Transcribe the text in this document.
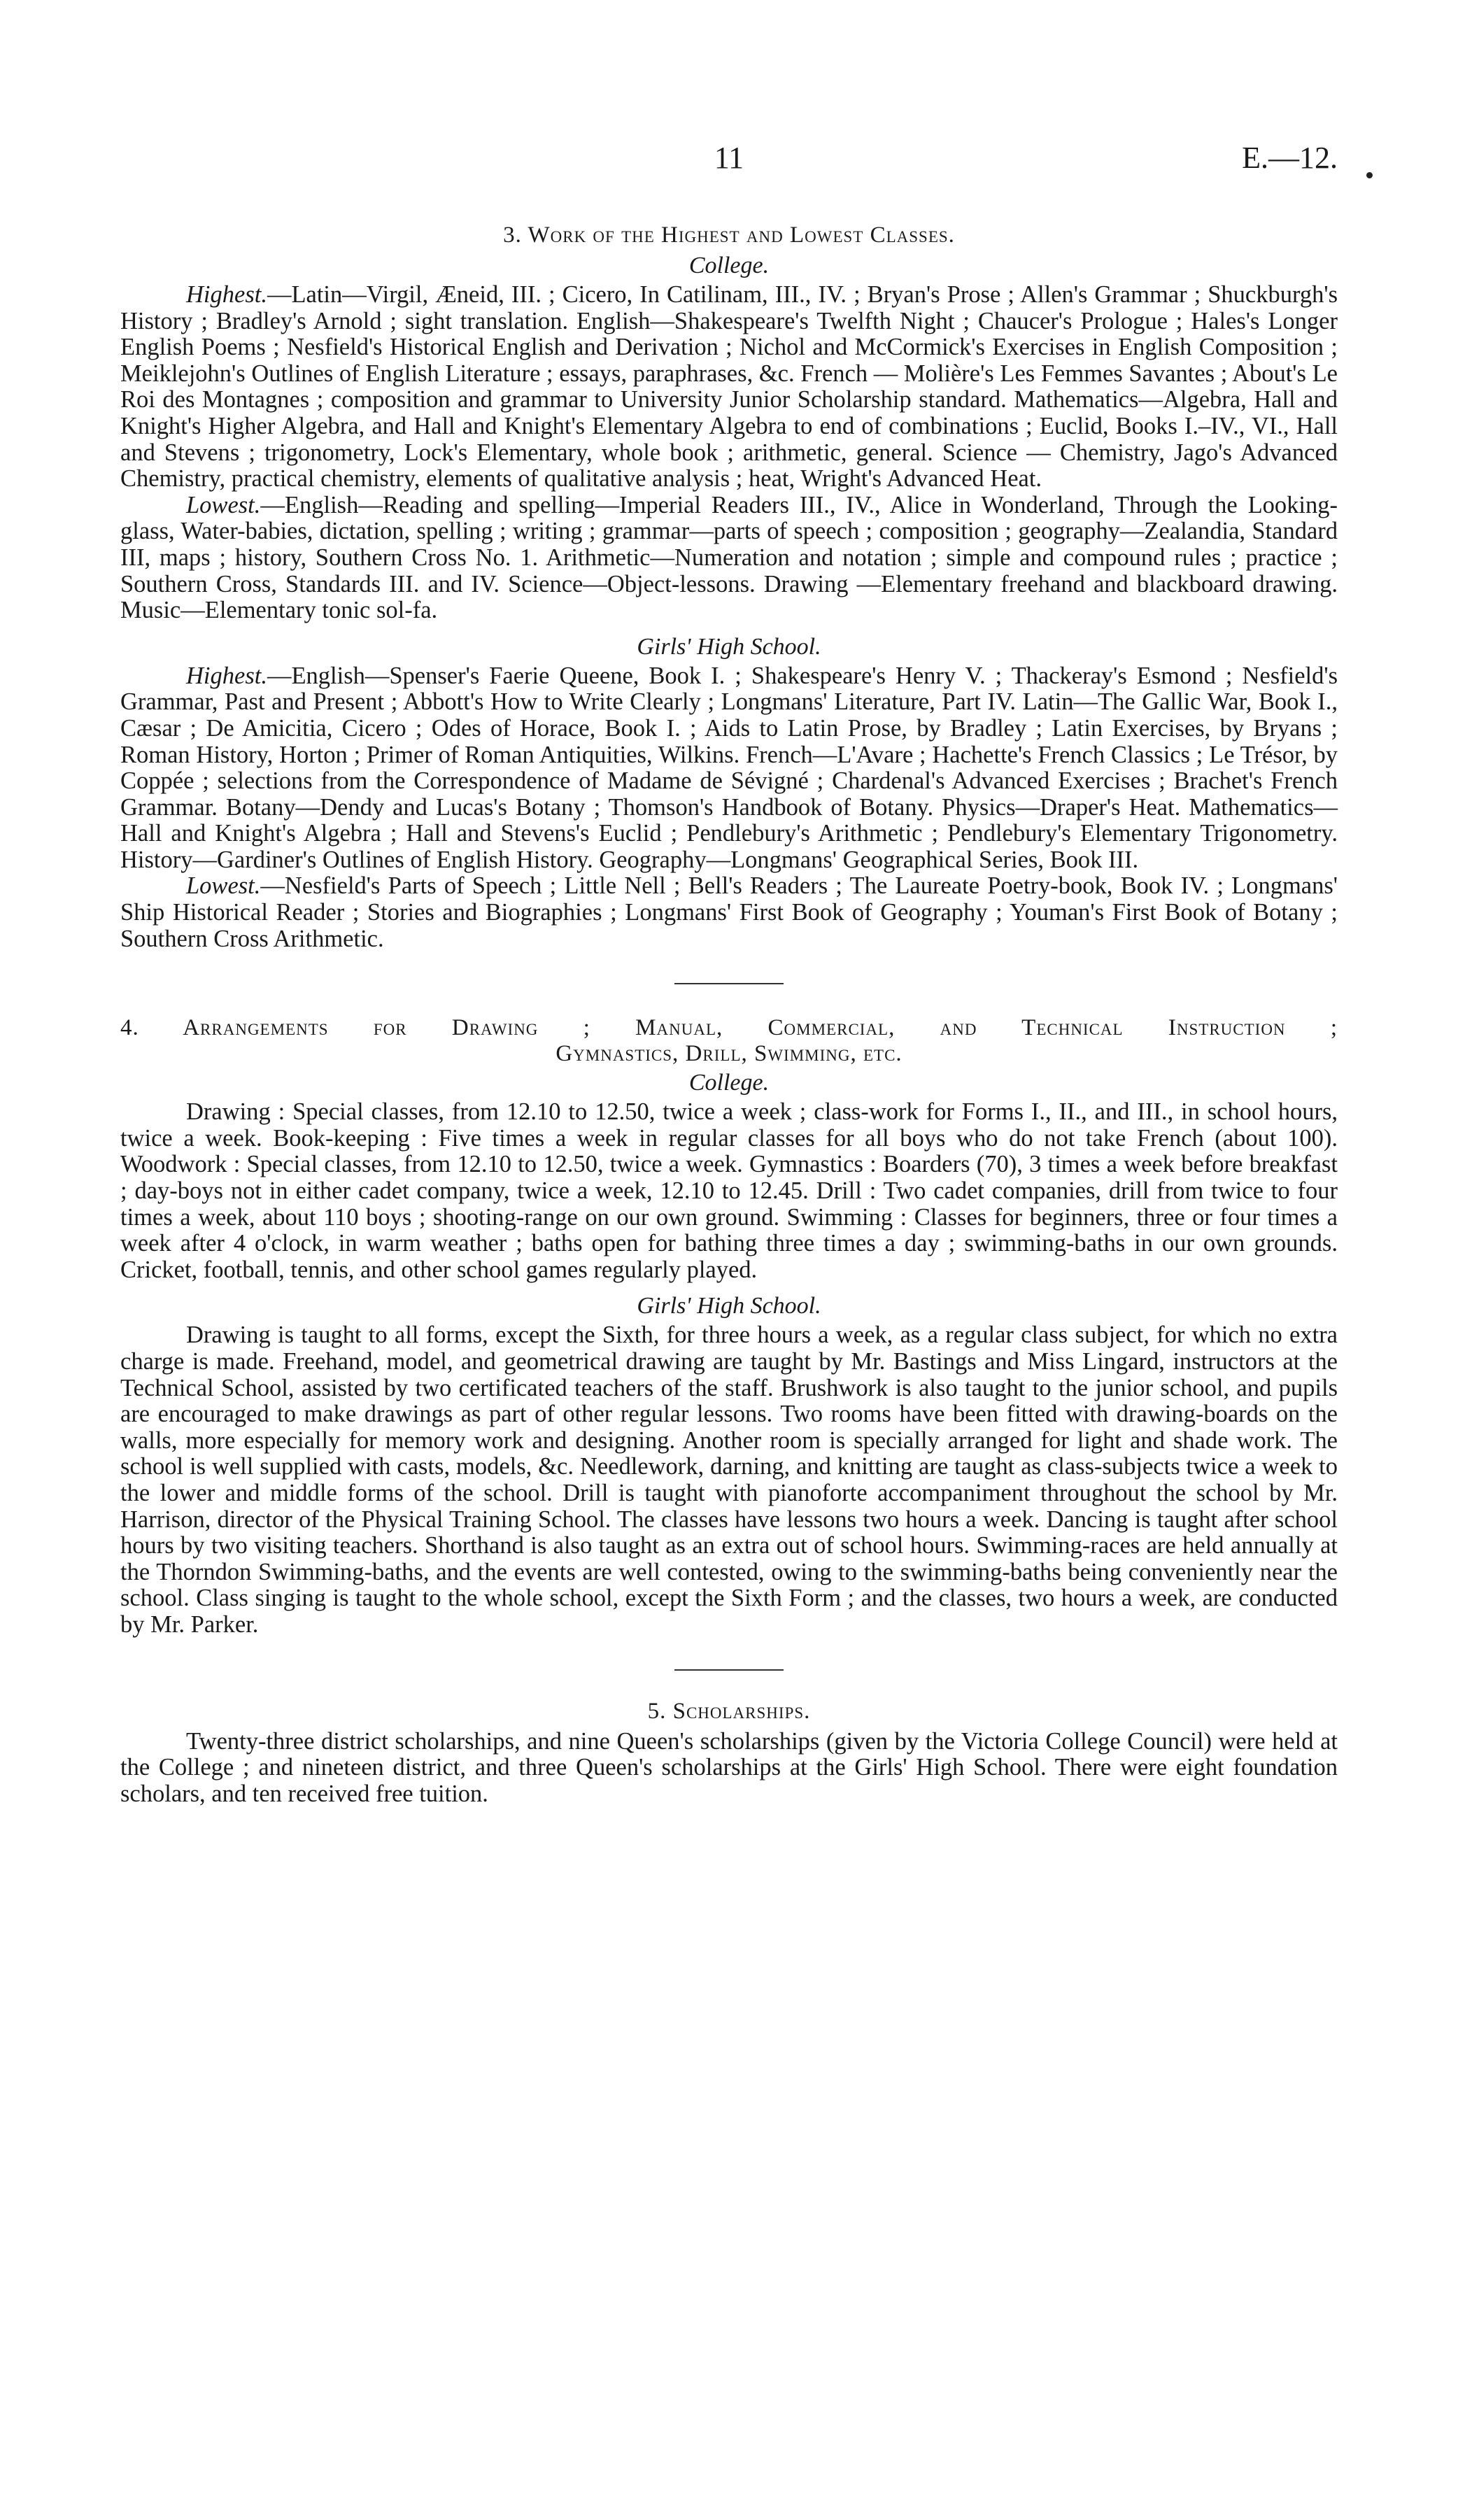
11	E.—12.
3. Work of the Highest and Lowest Classes.
College.

Highest.—Latin—Virgil, Æneid, III. ; Cicero, In Catilinam, III., IV. ; Bryan's Prose ; Allen's Grammar ; Shuckburgh's History ; Bradley's Arnold ; sight translation. English—Shakespeare's Twelfth Night ; Chaucer's Prologue ; Hales's Longer English Poems ; Nesfield's Historical English and Derivation ; Nichol and McCormick's Exercises in English Composition ; Meiklejohn's Outlines of English Literature ; essays, paraphrases, &c. French — Molière's Les Femmes Savantes ; About's Le Roi des Montagnes ; composition and grammar to University Junior Scholarship standard. Mathematics—Algebra, Hall and Knight's Higher Algebra, and Hall and Knight's Elementary Algebra to end of combinations ; Euclid, Books I.–IV., VI., Hall and Stevens ; trigonometry, Lock's Elementary, whole book ; arithmetic, general. Science — Chemistry, Jago's Advanced Chemistry, practical chemistry, elements of qualitative analysis ; heat, Wright's Advanced Heat.

Lowest.—English—Reading and spelling—Imperial Readers III., IV., Alice in Wonderland, Through the Looking-glass, Water-babies, dictation, spelling ; writing ; grammar—parts of speech ; composition ; geography—Zealandia, Standard III, maps ; history, Southern Cross No. 1. Arithmetic—Numeration and notation ; simple and compound rules ; practice ; Southern Cross, Standards III. and IV. Science—Object-lessons. Drawing —Elementary freehand and blackboard drawing. Music—Elementary tonic sol-fa.

Girls' High School.

Highest.—English—Spenser's Faerie Queene, Book I. ; Shakespeare's Henry V. ; Thackeray's Esmond ; Nesfield's Grammar, Past and Present ; Abbott's How to Write Clearly ; Longmans' Literature, Part IV. Latin—The Gallic War, Book I., Cæsar ; De Amicitia, Cicero ; Odes of Horace, Book I. ; Aids to Latin Prose, by Bradley ; Latin Exercises, by Bryans ; Roman History, Horton ; Primer of Roman Antiquities, Wilkins. French—L'Avare ; Hachette's French Classics ; Le Trésor, by Coppée ; selections from the Correspondence of Madame de Sévigné ; Chardenal's Advanced Exercises ; Brachet's French Grammar. Botany—Dendy and Lucas's Botany ; Thomson's Handbook of Botany. Physics—Draper's Heat. Mathematics—Hall and Knight's Algebra ; Hall and Stevens's Euclid ; Pendlebury's Arithmetic ; Pendlebury's Elementary Trigonometry. History—Gardiner's Outlines of English History. Geography—Longmans' Geographical Series, Book III.

Lowest.—Nesfield's Parts of Speech ; Little Nell ; Bell's Readers ; The Laureate Poetry-book, Book IV. ; Longmans' Ship Historical Reader ; Stories and Biographies ; Longmans' First Book of Geography ; Youman's First Book of Botany ; Southern Cross Arithmetic.

4. Arrangements for Drawing ; Manual, Commercial, and Technical Instruction ;
Gymnastics, Drill, Swimming, etc.
College.

Drawing : Special classes, from 12.10 to 12.50, twice a week ; class-work for Forms I., II., and III., in school hours, twice a week. Book-keeping : Five times a week in regular classes for all boys who do not take French (about 100). Woodwork : Special classes, from 12.10 to 12.50, twice a week. Gymnastics : Boarders (70), 3 times a week before breakfast ; day-boys not in either cadet company, twice a week, 12.10 to 12.45. Drill : Two cadet companies, drill from twice to four times a week, about 110 boys ; shooting-range on our own ground. Swimming : Classes for beginners, three or four times a week after 4 o'clock, in warm weather ; baths open for bathing three times a day ; swimming-baths in our own grounds. Cricket, football, tennis, and other school games regularly played.

Girls' High School.

Drawing is taught to all forms, except the Sixth, for three hours a week, as a regular class subject, for which no extra charge is made. Freehand, model, and geometrical drawing are taught by Mr. Bastings and Miss Lingard, instructors at the Technical School, assisted by two certificated teachers of the staff. Brushwork is also taught to the junior school, and pupils are encouraged to make drawings as part of other regular lessons. Two rooms have been fitted with drawing-boards on the walls, more especially for memory work and designing. Another room is specially arranged for light and shade work. The school is well supplied with casts, models, &c. Needlework, darning, and knitting are taught as class-subjects twice a week to the lower and middle forms of the school. Drill is taught with pianoforte accompaniment throughout the school by Mr. Harrison, director of the Physical Training School. The classes have lessons two hours a week. Dancing is taught after school hours by two visiting teachers. Shorthand is also taught as an extra out of school hours. Swimming-races are held annually at the Thorndon Swimming-baths, and the events are well contested, owing to the swimming-baths being conveniently near the school. Class singing is taught to the whole school, except the Sixth Form ; and the classes, two hours a week, are conducted by Mr. Parker.

5. Scholarships.

Twenty-three district scholarships, and nine Queen's scholarships (given by the Victoria College Council) were held at the College ; and nineteen district, and three Queen's scholarships at the Girls' High School. There were eight foundation scholars, and ten received free tuition.
